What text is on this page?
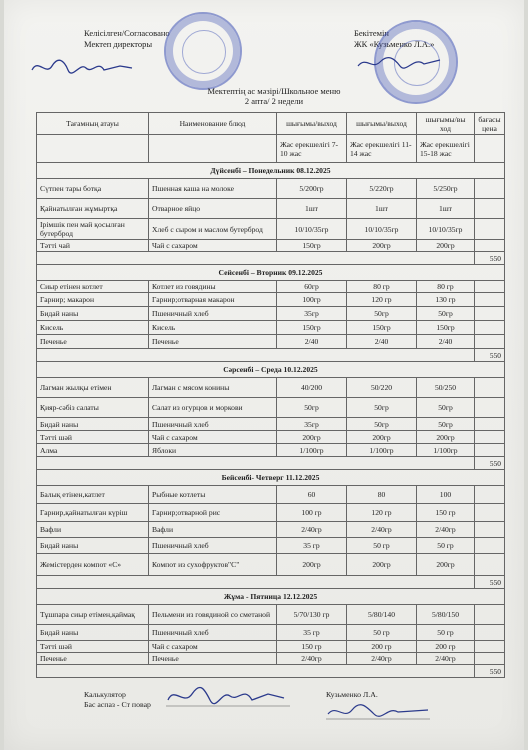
Келісілген/Согласовано
Мектеп директоры
Бекітемін
ЖК «Кузьменко Л.А.»
Мектептің ас мәзірі/Школьное меню
2 апта/ 2 недели
Тағамның атауы	Наименование блюд	шығымы/выход	шығымы/выход	шығымы/вы ход	бағасы цена
		Жас ерекшелігі 7-10 жас	Жас ерекшелігі 11-14 жас	Жас ерекшелігі 15-18 жас	
Дүйсенбі – Понедельник 08.12.2025					
Сүтпен тары ботқа	Пшенная каша на молоке	5/200гр	5/220гр	5/250гр	
Қайнатылған жұмыртқа	Отварное яйцо	1шт	1шт	1шт	
Ірімшік пен май қосылған бутерброд	Хлеб с сыром и маслом бутерброд	10/10/35гр	10/10/35гр	10/10/35гр	
Тәтті чай	Чай с сахаром	150гр	200гр	200гр	
					550
Сейсенбі – Вторник 09.12.2025					
Сиыр етінен котлет	Котлет из говядины	60гр	80 гр	80 гр	
Гарнир; макарон	Гарнир;отварная макарон	100гр	120 гр	130 гр	
Бидай наны	Пшеничный хлеб	35гр	50гр	50гр	
Кисель	Кисель	150гр	150гр	150гр	
Печенье	Печенье	2/40	2/40	2/40	
					550
Сәрсенбі – Среда 10.12.2025					
Лагман жылқы етімен	Лагман с мясом конины	40/200	50/220	50/250	
Қияр-сәбіз салаты	Салат из огурцов и моркови	50гр	50гр	50гр	
Бидай наны	Пшеничный хлеб	35гр	50гр	50гр	
Тәтті шәй	Чай с сахаром	200гр	200гр	200гр	
Алма	Яблоки	1/100гр	1/100гр	1/100гр	
					550
Бейсенбі- Четверг 11.12.2025					
Балық етінен,катлет	Рыбные котлеты	60	80	100	
Гарнир,қайнатылған күріш	Гарнир;отварной рис	100 гр	120 гр	150 гр	
Вафли	Вафли	2/40гр	2/40гр	2/40гр	
Бидай наны	Пшеничный хлеб	35 гр	50 гр	50 гр	
Жемістерден компот «С»	Компот из сухофруктов"С"	200гр	200гр	200гр	
					550
Жұма - Пятница 12.12.2025					
Тұшпара сиыр етімен,қаймақ	Пельмени из говядиной со сметаной	5/70/130 гр	5/80/140	5/80/150	
Бидай наны	Пшеничный хлеб	35 гр	50 гр	50 гр	
Тәтті шәй	Чай с сахаром	150 гр	200 гр	200 гр	
Печенье	Печенье	2/40гр	2/40гр	2/40гр	
					550
Калькулятор
Бас аспаз - Ст повар
Кузьменко Л.А.
